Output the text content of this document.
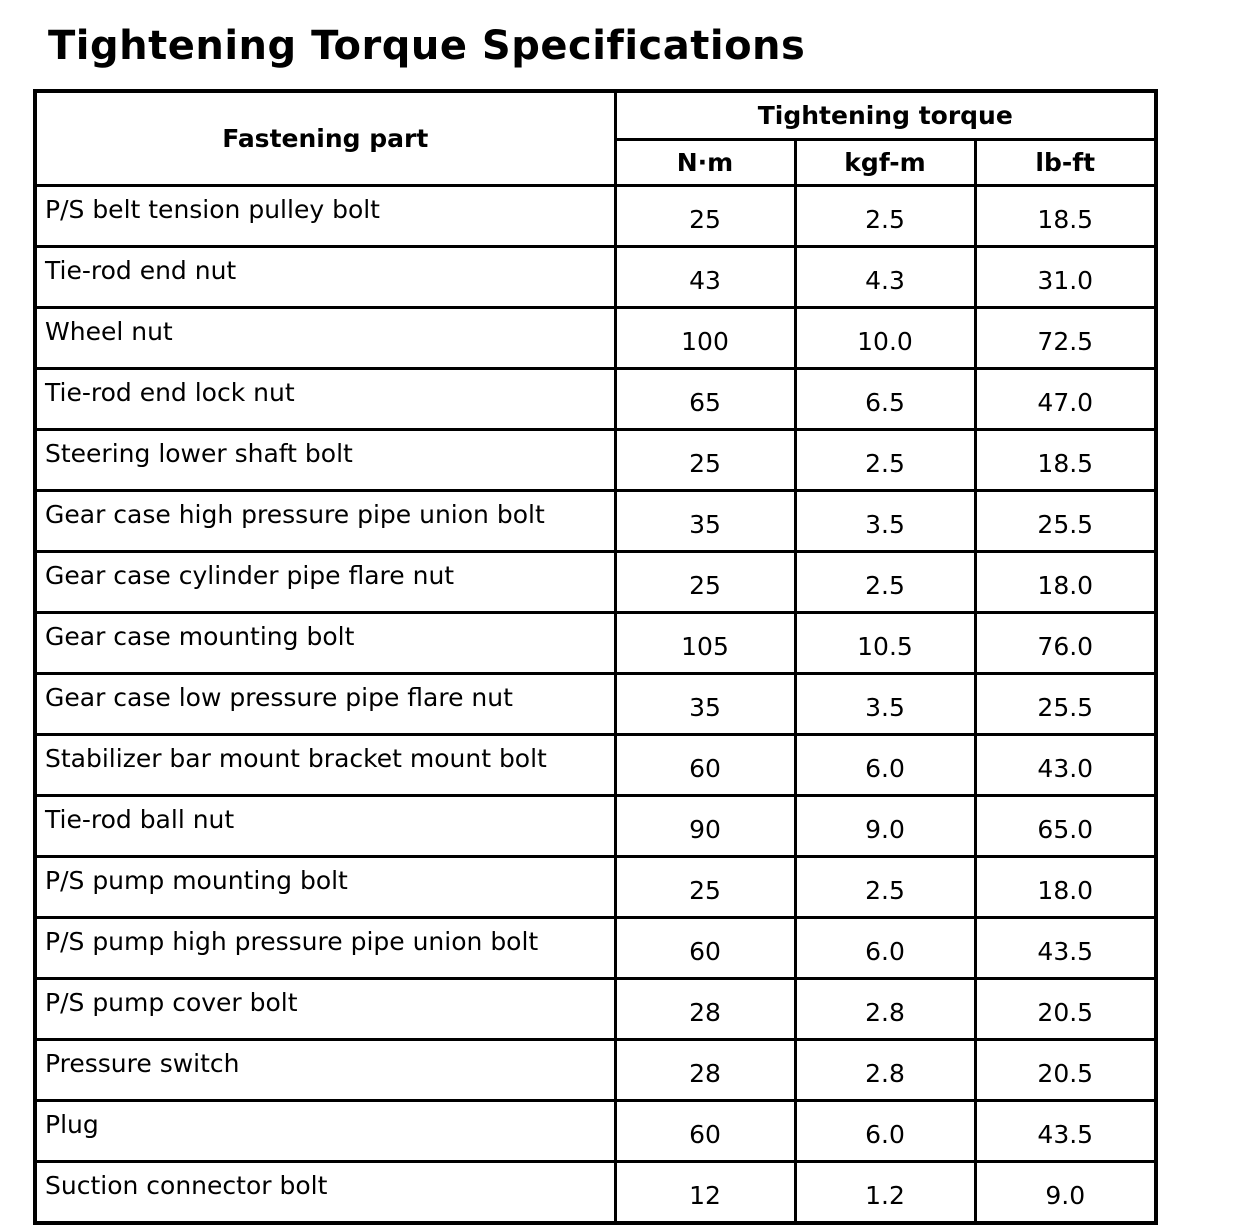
Tightening Torque Specifications
Fastening part	Tightening torque		
	N·m	kgf-m	lb-ft
P/S belt tension pulley bolt	25	2.5	18.5
Tie-rod end nut	43	4.3	31.0
Wheel nut	100	10.0	72.5
Tie-rod end lock nut	65	6.5	47.0
Steering lower shaft bolt	25	2.5	18.5
Gear case high pressure pipe union bolt	35	3.5	25.5
Gear case cylinder pipe flare nut	25	2.5	18.0
Gear case mounting bolt	105	10.5	76.0
Gear case low pressure pipe flare nut	35	3.5	25.5
Stabilizer bar mount bracket mount bolt	60	6.0	43.0
Tie-rod ball nut	90	9.0	65.0
P/S pump mounting bolt	25	2.5	18.0
P/S pump high pressure pipe union bolt	60	6.0	43.5
P/S pump cover bolt	28	2.8	20.5
Pressure switch	28	2.8	20.5
Plug	60	6.0	43.5
Suction connector bolt	12	1.2	9.0
